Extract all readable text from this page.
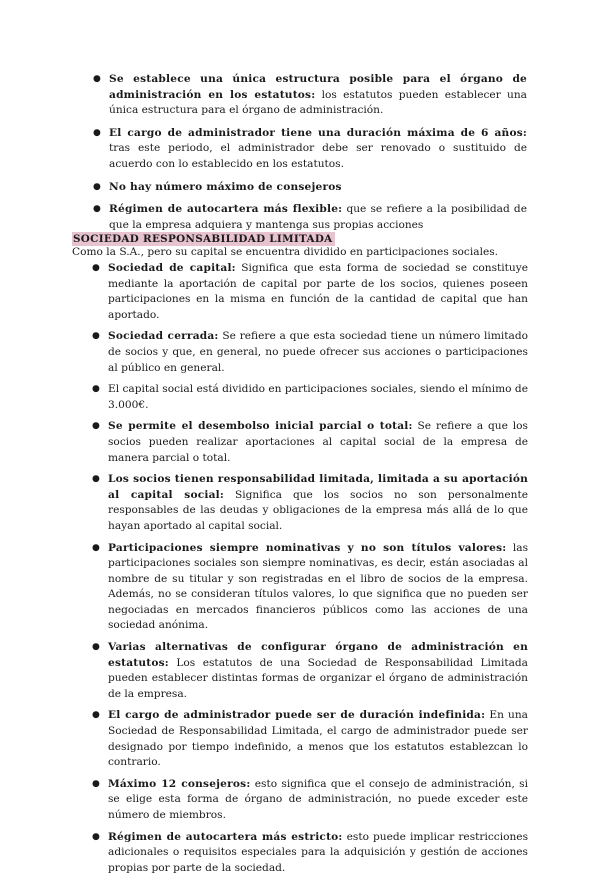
● Se establece una única estructura posible para el órgano de administración en los estatutos: los estatutos pueden establecer una única estructura para el órgano de administración.
● El cargo de administrador tiene una duración máxima de 6 años: tras este periodo, el administrador debe ser renovado o sustituido de acuerdo con lo establecido en los estatutos.
● No hay número máximo de consejeros
● Régimen de autocartera más flexible: que se refiere a la posibilidad de que la empresa adquiera y mantenga sus propias acciones
SOCIEDAD RESPONSABILIDAD LIMITADA
Como la S.A., pero su capital se encuentra dividido en participaciones sociales.
● Sociedad de capital: Significa que esta forma de sociedad se constituye mediante la aportación de capital por parte de los socios, quienes poseen participaciones en la misma en función de la cantidad de capital que han aportado.
● Sociedad cerrada: Se refiere a que esta sociedad tiene un número limitado de socios y que, en general, no puede ofrecer sus acciones o participaciones al público en general.
● El capital social está dividido en participaciones sociales, siendo el mínimo de 3.000€.
● Se permite el desembolso inicial parcial o total: Se refiere a que los socios pueden realizar aportaciones al capital social de la empresa de manera parcial o total.
● Los socios tienen responsabilidad limitada, limitada a su aportación al capital social: Significa que los socios no son personalmente responsables de las deudas y obligaciones de la empresa más allá de lo que hayan aportado al capital social.
● Participaciones siempre nominativas y no son títulos valores: las participaciones sociales son siempre nominativas, es decir, están asociadas al nombre de su titular y son registradas en el libro de socios de la empresa. Además, no se consideran títulos valores, lo que significa que no pueden ser negociadas en mercados financieros públicos como las acciones de una sociedad anónima.
● Varias alternativas de configurar órgano de administración en estatutos: Los estatutos de una Sociedad de Responsabilidad Limitada pueden establecer distintas formas de organizar el órgano de administración de la empresa.
● El cargo de administrador puede ser de duración indefinida: En una Sociedad de Responsabilidad Limitada, el cargo de administrador puede ser designado por tiempo indefinido, a menos que los estatutos establezcan lo contrario.
● Máximo 12 consejeros: esto significa que el consejo de administración, si se elige esta forma de órgano de administración, no puede exceder este número de miembros.
● Régimen de autocartera más estricto: esto puede implicar restricciones adicionales o requisitos especiales para la adquisición y gestión de acciones propias por parte de la sociedad.
